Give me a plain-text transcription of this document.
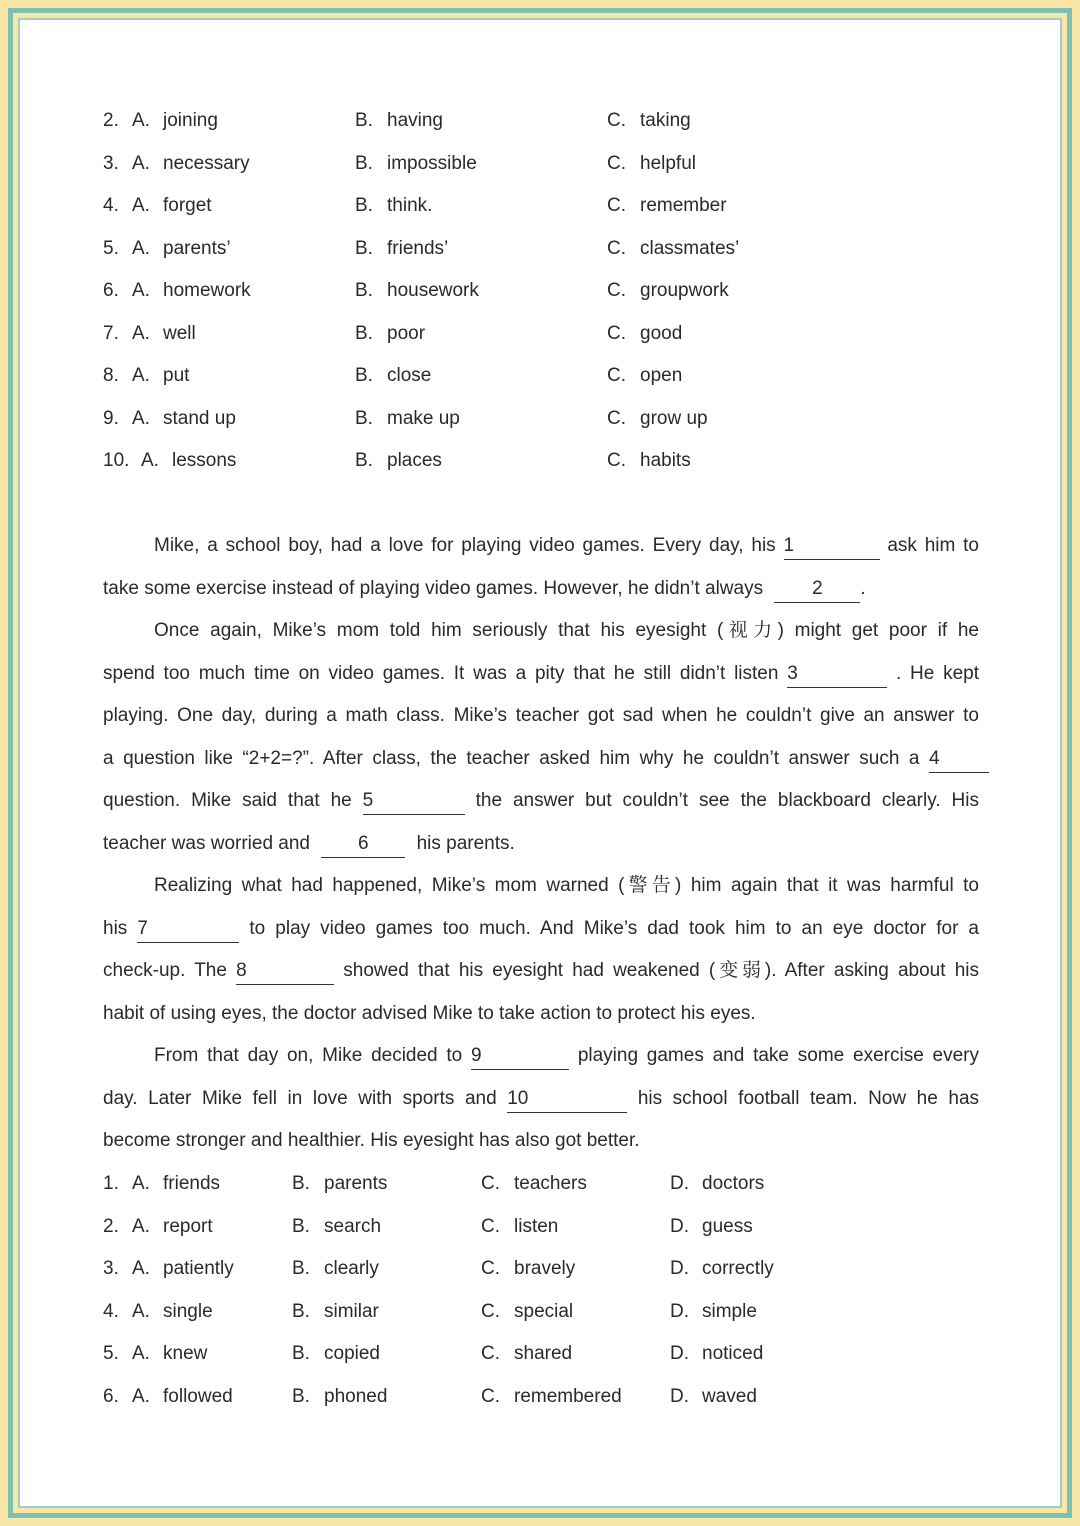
2. A. joining	B. having	C. taking
3. A. necessary	B. impossible	C. helpful
4. A. forget	B. think.	C. remember
5. A. parents’	B. friends’	C. classmates’
6. A. homework	B. housework	C. groupwork
7. A. well	B. poor	C. good
8. A. put	B. close	C. open
9. A. stand up	B. make up	C. grow up
10. A. lessons	B. places	C. habits
Mike, a school boy, had a love for playing video games. Every day, his 1	ask him to
take some exercise instead of playing video games. However, he didn’t always	2 .
Once again, Mike’s mom told him seriously that his eyesight (视力) might get poor if he
spend too much time on video games. It was a pity that he still didn’t listen 3	. He kept
playing. One day, during a math class. Mike’s teacher got sad when he couldn’t give an answer to
a question like “2+2=?”. After class, the teacher asked him why he couldn’t answer such a 4
question. Mike said that he 5	the answer but couldn’t see the blackboard clearly. His
teacher was worried and	6	his parents.
Realizing what had happened, Mike’s mom warned (警告) him again that it was harmful to
his 7	to play video games too much. And Mike’s dad took him to an eye doctor for a
check-up. The 8	showed that his eyesight had weakened (变弱). After asking about his
habit of using eyes, the doctor advised Mike to take action to protect his eyes.
From that day on, Mike decided to 9	playing games and take some exercise every
day. Later Mike fell in love with sports and 10	his school football team. Now he has
become stronger and healthier. His eyesight has also got better.
1. A. friends	B. parents	C. teachers	D. doctors
2. A. report	B. search	C. listen	D. guess
3. A. patiently	B. clearly	C. bravely	D. correctly
4. A. single	B. similar	C. special	D. simple
5. A. knew	B. copied	C. shared	D. noticed
6. A. followed	B. phoned	C. remembered	D. waved
